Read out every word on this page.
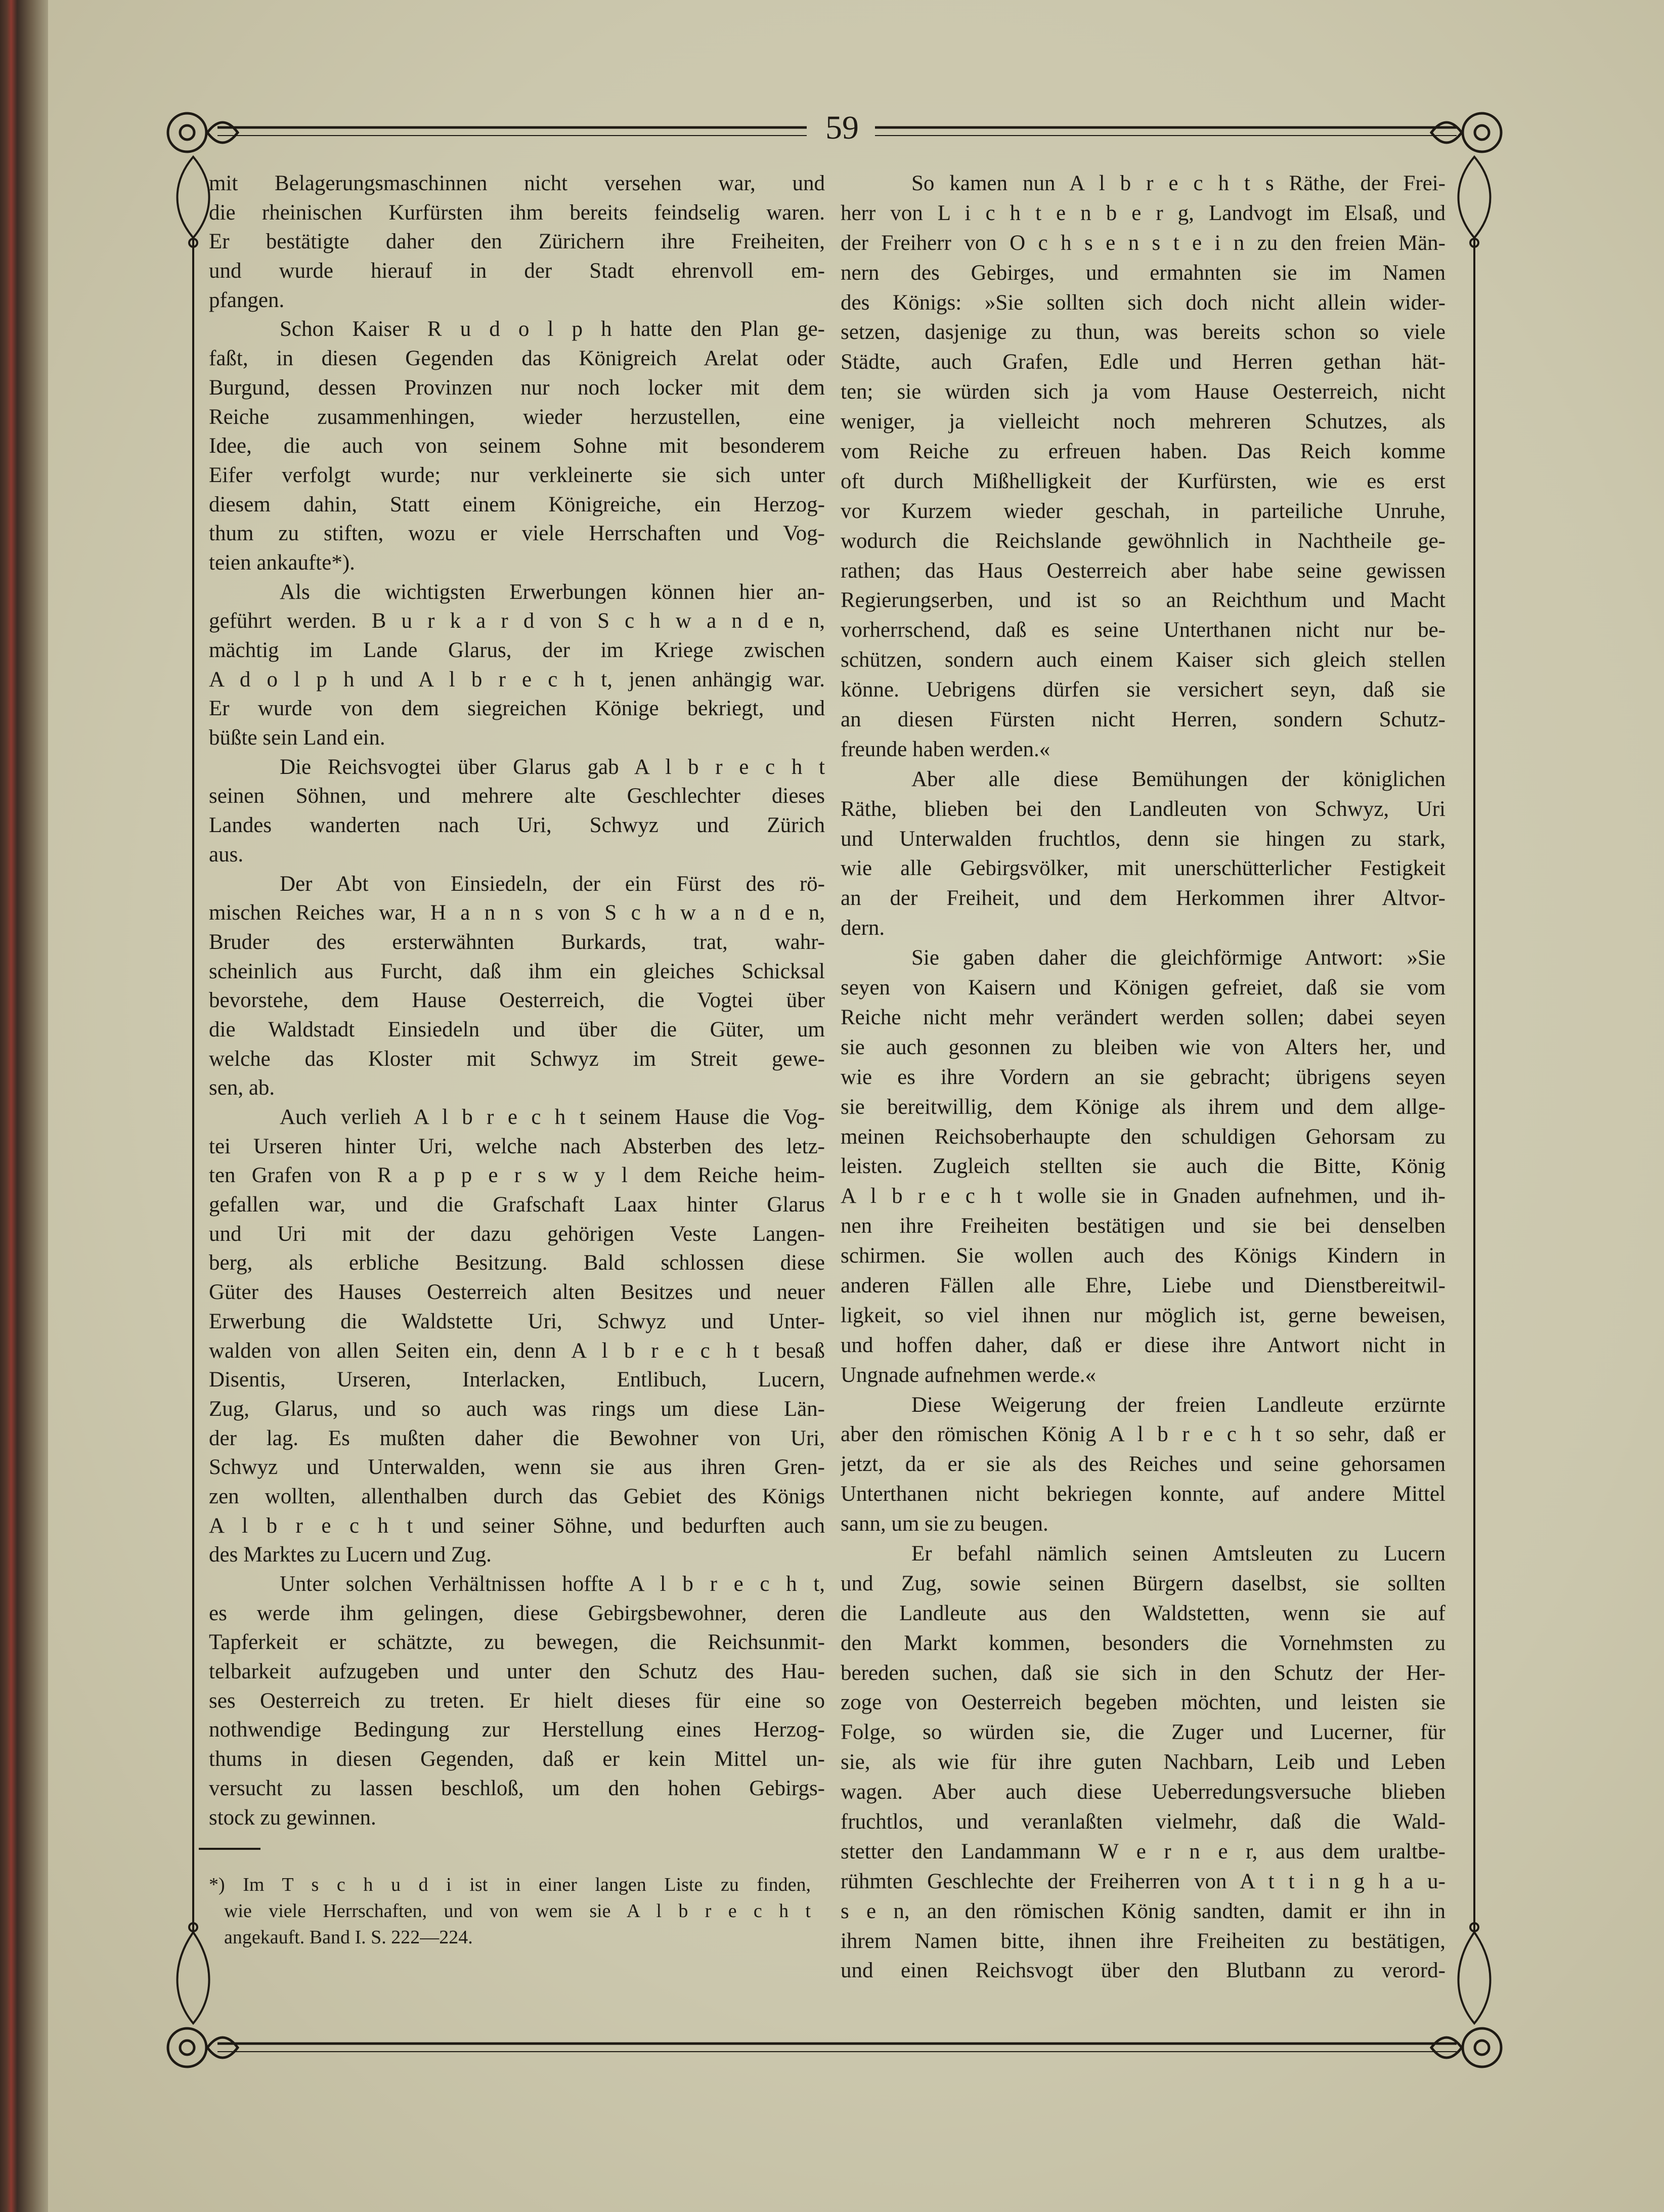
59
mit Belagerungsmaschinnen nicht versehen war, und
die rheinischen Kurfürsten ihm bereits feindselig waren.
Er bestätigte daher den Zürichern ihre Freiheiten,
und wurde hierauf in der Stadt ehrenvoll em-
pfangen.
Schon Kaiser R u d o l p h hatte den Plan ge-
faßt, in diesen Gegenden das Königreich Arelat oder
Burgund, dessen Provinzen nur noch locker mit dem
Reiche zusammenhingen, wieder herzustellen, eine
Idee, die auch von seinem Sohne mit besonderem
Eifer verfolgt wurde; nur verkleinerte sie sich unter
diesem dahin, Statt einem Königreiche, ein Herzog-
thum zu stiften, wozu er viele Herrschaften und Vog-
teien ankaufte*).
Als die wichtigsten Erwerbungen können hier an-
geführt werden. B u r k a r d von S c h w a n d e n,
mächtig im Lande Glarus, der im Kriege zwischen
A d o l p h und A l b r e c h t, jenen anhängig war.
Er wurde von dem siegreichen Könige bekriegt, und
büßte sein Land ein.
Die Reichsvogtei über Glarus gab A l b r e c h t
seinen Söhnen, und mehrere alte Geschlechter dieses
Landes wanderten nach Uri, Schwyz und Zürich
aus.
Der Abt von Einsiedeln, der ein Fürst des rö-
mischen Reiches war, H a n n s von S c h w a n d e n,
Bruder des ersterwähnten Burkards, trat, wahr-
scheinlich aus Furcht, daß ihm ein gleiches Schicksal
bevorstehe, dem Hause Oesterreich, die Vogtei über
die Waldstadt Einsiedeln und über die Güter, um
welche das Kloster mit Schwyz im Streit gewe-
sen, ab.
Auch verlieh A l b r e c h t seinem Hause die Vog-
tei Urseren hinter Uri, welche nach Absterben des letz-
ten Grafen von R a p p e r s w y l dem Reiche heim-
gefallen war, und die Grafschaft Laax hinter Glarus
und Uri mit der dazu gehörigen Veste Langen-
berg, als erbliche Besitzung. Bald schlossen diese
Güter des Hauses Oesterreich alten Besitzes und neuer
Erwerbung die Waldstette Uri, Schwyz und Unter-
walden von allen Seiten ein, denn A l b r e c h t besaß
Disentis, Urseren, Interlacken, Entlibuch, Lucern,
Zug, Glarus, und so auch was rings um diese Län-
der lag. Es mußten daher die Bewohner von Uri,
Schwyz und Unterwalden, wenn sie aus ihren Gren-
zen wollten, allenthalben durch das Gebiet des Königs
A l b r e c h t und seiner Söhne, und bedurften auch
des Marktes zu Lucern und Zug.
Unter solchen Verhältnissen hoffte A l b r e c h t,
es werde ihm gelingen, diese Gebirgsbewohner, deren
Tapferkeit er schätzte, zu bewegen, die Reichsunmit-
telbarkeit aufzugeben und unter den Schutz des Hau-
ses Oesterreich zu treten. Er hielt dieses für eine so
nothwendige Bedingung zur Herstellung eines Herzog-
thums in diesen Gegenden, daß er kein Mittel un-
versucht zu lassen beschloß, um den hohen Gebirgs-
stock zu gewinnen.
So kamen nun A l b r e c h t s Räthe, der Frei-
herr von L i c h t e n b e r g, Landvogt im Elsaß, und
der Freiherr von O c h s e n s t e i n zu den freien Män-
nern des Gebirges, und ermahnten sie im Namen
des Königs: »Sie sollten sich doch nicht allein wider-
setzen, dasjenige zu thun, was bereits schon so viele
Städte, auch Grafen, Edle und Herren gethan hät-
ten; sie würden sich ja vom Hause Oesterreich, nicht
weniger, ja vielleicht noch mehreren Schutzes, als
vom Reiche zu erfreuen haben. Das Reich komme
oft durch Mißhelligkeit der Kurfürsten, wie es erst
vor Kurzem wieder geschah, in parteiliche Unruhe,
wodurch die Reichslande gewöhnlich in Nachtheile ge-
rathen; das Haus Oesterreich aber habe seine gewissen
Regierungserben, und ist so an Reichthum und Macht
vorherrschend, daß es seine Unterthanen nicht nur be-
schützen, sondern auch einem Kaiser sich gleich stellen
könne. Uebrigens dürfen sie versichert seyn, daß sie
an diesen Fürsten nicht Herren, sondern Schutz-
freunde haben werden.«
Aber alle diese Bemühungen der königlichen
Räthe, blieben bei den Landleuten von Schwyz, Uri
und Unterwalden fruchtlos, denn sie hingen zu stark,
wie alle Gebirgsvölker, mit unerschütterlicher Festigkeit
an der Freiheit, und dem Herkommen ihrer Altvor-
dern.
Sie gaben daher die gleichförmige Antwort: »Sie
seyen von Kaisern und Königen gefreiet, daß sie vom
Reiche nicht mehr verändert werden sollen; dabei seyen
sie auch gesonnen zu bleiben wie von Alters her, und
wie es ihre Vordern an sie gebracht; übrigens seyen
sie bereitwillig, dem Könige als ihrem und dem allge-
meinen Reichsoberhaupte den schuldigen Gehorsam zu
leisten. Zugleich stellten sie auch die Bitte, König
A l b r e c h t wolle sie in Gnaden aufnehmen, und ih-
nen ihre Freiheiten bestätigen und sie bei denselben
schirmen. Sie wollen auch des Königs Kindern in
anderen Fällen alle Ehre, Liebe und Dienstbereitwil-
ligkeit, so viel ihnen nur möglich ist, gerne beweisen,
und hoffen daher, daß er diese ihre Antwort nicht in
Ungnade aufnehmen werde.«
Diese Weigerung der freien Landleute erzürnte
aber den römischen König A l b r e c h t so sehr, daß er
jetzt, da er sie als des Reiches und seine gehorsamen
Unterthanen nicht bekriegen konnte, auf andere Mittel
sann, um sie zu beugen.
Er befahl nämlich seinen Amtsleuten zu Lucern
und Zug, sowie seinen Bürgern daselbst, sie sollten
die Landleute aus den Waldstetten, wenn sie auf
den Markt kommen, besonders die Vornehmsten zu
bereden suchen, daß sie sich in den Schutz der Her-
zoge von Oesterreich begeben möchten, und leisten sie
Folge, so würden sie, die Zuger und Lucerner, für
sie, als wie für ihre guten Nachbarn, Leib und Leben
wagen. Aber auch diese Ueberredungsversuche blieben
fruchtlos, und veranlaßten vielmehr, daß die Wald-
stetter den Landammann W e r n e r, aus dem uraltbe-
rühmten Geschlechte der Freiherren von A t t i n g h a u-
s e n, an den römischen König sandten, damit er ihn in
ihrem Namen bitte, ihnen ihre Freiheiten zu bestätigen,
und einen Reichsvogt über den Blutbann zu verord-
*) Im T s c h u d i ist in einer langen Liste zu finden,
wie viele Herrschaften, und von wem sie A l b r e c h t
angekauft. Band I. S. 222—224.
